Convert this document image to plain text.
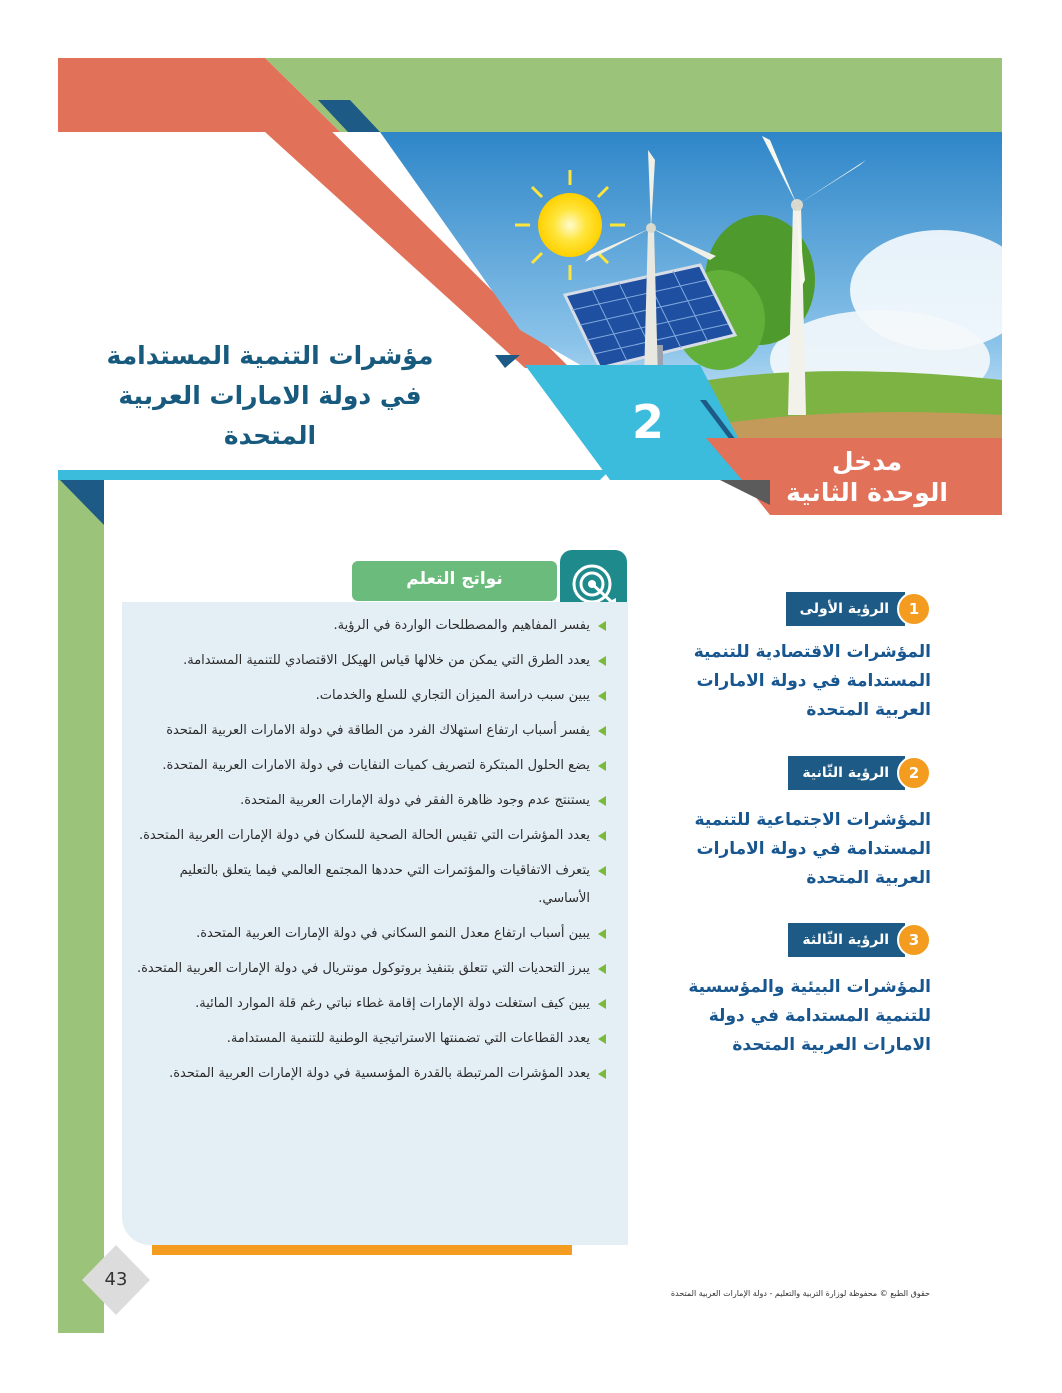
مؤشرات التنمية المستدامة
في دولة الامارات العربية المتحدة	2
مدخل
الوحدة الثانية
نواتج التعلم
يفسر المفاهيم والمصطلحات الواردة في الرؤية.
يعدد الطرق التي يمكن من خلالها قياس الهيكل الاقتصادي للتنمية المستدامة.
يبين سبب دراسة الميزان التجاري للسلع والخدمات.
يفسر أسباب ارتفاع استهلاك الفرد من الطاقة في دولة الامارات العربية المتحدة
يضع الحلول المبتكرة لتصريف كميات النفايات في دولة الامارات العربية المتحدة.
يستنتج عدم وجود ظاهرة الفقر في دولة الإمارات العربية المتحدة.
يعدد المؤشرات التي تقيس الحالة الصحية للسكان في دولة الإمارات العربية المتحدة.
يتعرف الاتفاقيات والمؤتمرات التي حددها المجتمع العالمي فيما يتعلق بالتعليم الأساسي.
يبين أسباب ارتفاع معدل النمو السكاني في دولة الإمارات العربية المتحدة.
يبرز التحديات التي تتعلق بتنفيذ بروتوكول مونتريال في دولة الإمارات العربية المتحدة.
يبين كيف استغلت دولة الإمارات إقامة غطاء نباتي رغم قلة الموارد المائية.
يعدد القطاعات التي تضمنتها الاستراتيجية الوطنية للتنمية المستدامة.
يعدد المؤشرات المرتبطة بالقدرة المؤسسية في دولة الإمارات العربية المتحدة.
الرؤية الأولى	1
المؤشرات الاقتصادية للتنمية المستدامة في دولة الامارات العربية المتحدة
الرؤية الثّانية	2
المؤشرات الاجتماعية للتنمية المستدامة في دولة الامارات العربية المتحدة
الرؤية الثّالثة	3
المؤشرات البيئية والمؤسسية للتنمية المستدامة في دولة الامارات العربية المتحدة
43
حقوق الطبع © محفوظة لوزارة التربية والتعليم - دولة الإمارات العربية المتحدة
